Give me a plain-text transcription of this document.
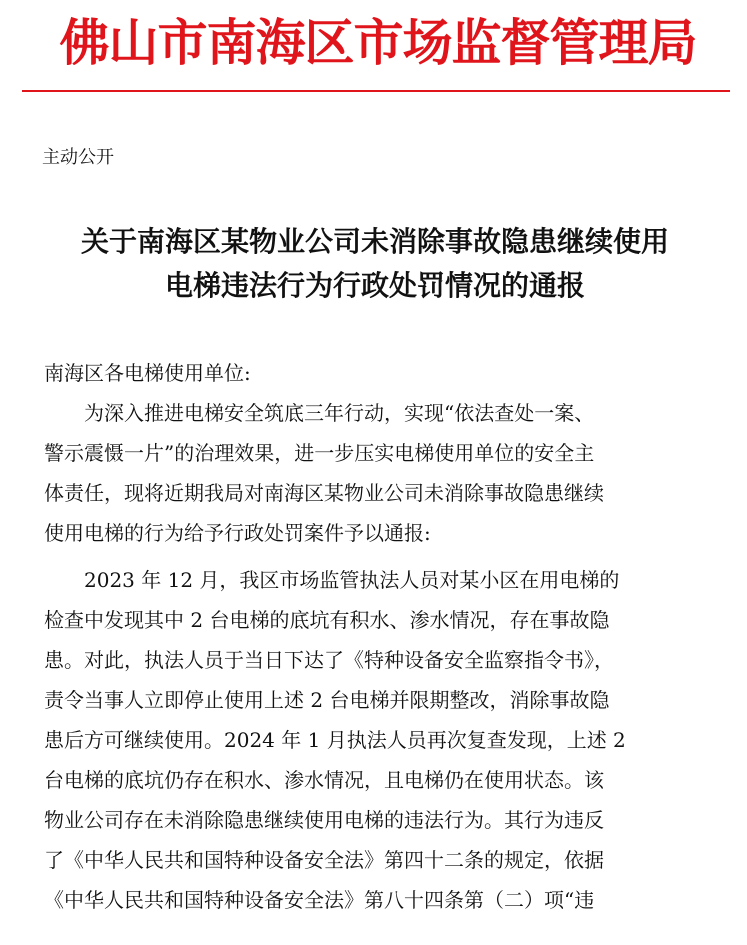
佛山市南海区市场监督管理局
主动公开
关于南海区某物业公司未消除事故隐患继续使用
电梯违法行为行政处罚情况的通报
南海区各电梯使用单位:
为深入推进电梯安全筑底三年行动，实现“依法查处一案、
警示震慑一片”的治理效果，进一步压实电梯使用单位的安全主
体责任，现将近期我局对南海区某物业公司未消除事故隐患继续
使用电梯的行为给予行政处罚案件予以通报:
2023 年 12 月，我区市场监管执法人员对某小区在用电梯的
检查中发现其中 2 台电梯的底坑有积水、渗水情况，存在事故隐
患。对此，执法人员于当日下达了《特种设备安全监察指令书》，
责令当事人立即停止使用上述 2 台电梯并限期整改，消除事故隐
患后方可继续使用。2024 年 1 月执法人员再次复查发现，上述 2
台电梯的底坑仍存在积水、渗水情况，且电梯仍在使用状态。该
物业公司存在未消除隐患继续使用电梯的违法行为。其行为违反
了《中华人民共和国特种设备安全法》第四十二条的规定，依据
《中华人民共和国特种设备安全法》第八十四条第（二）项“违
